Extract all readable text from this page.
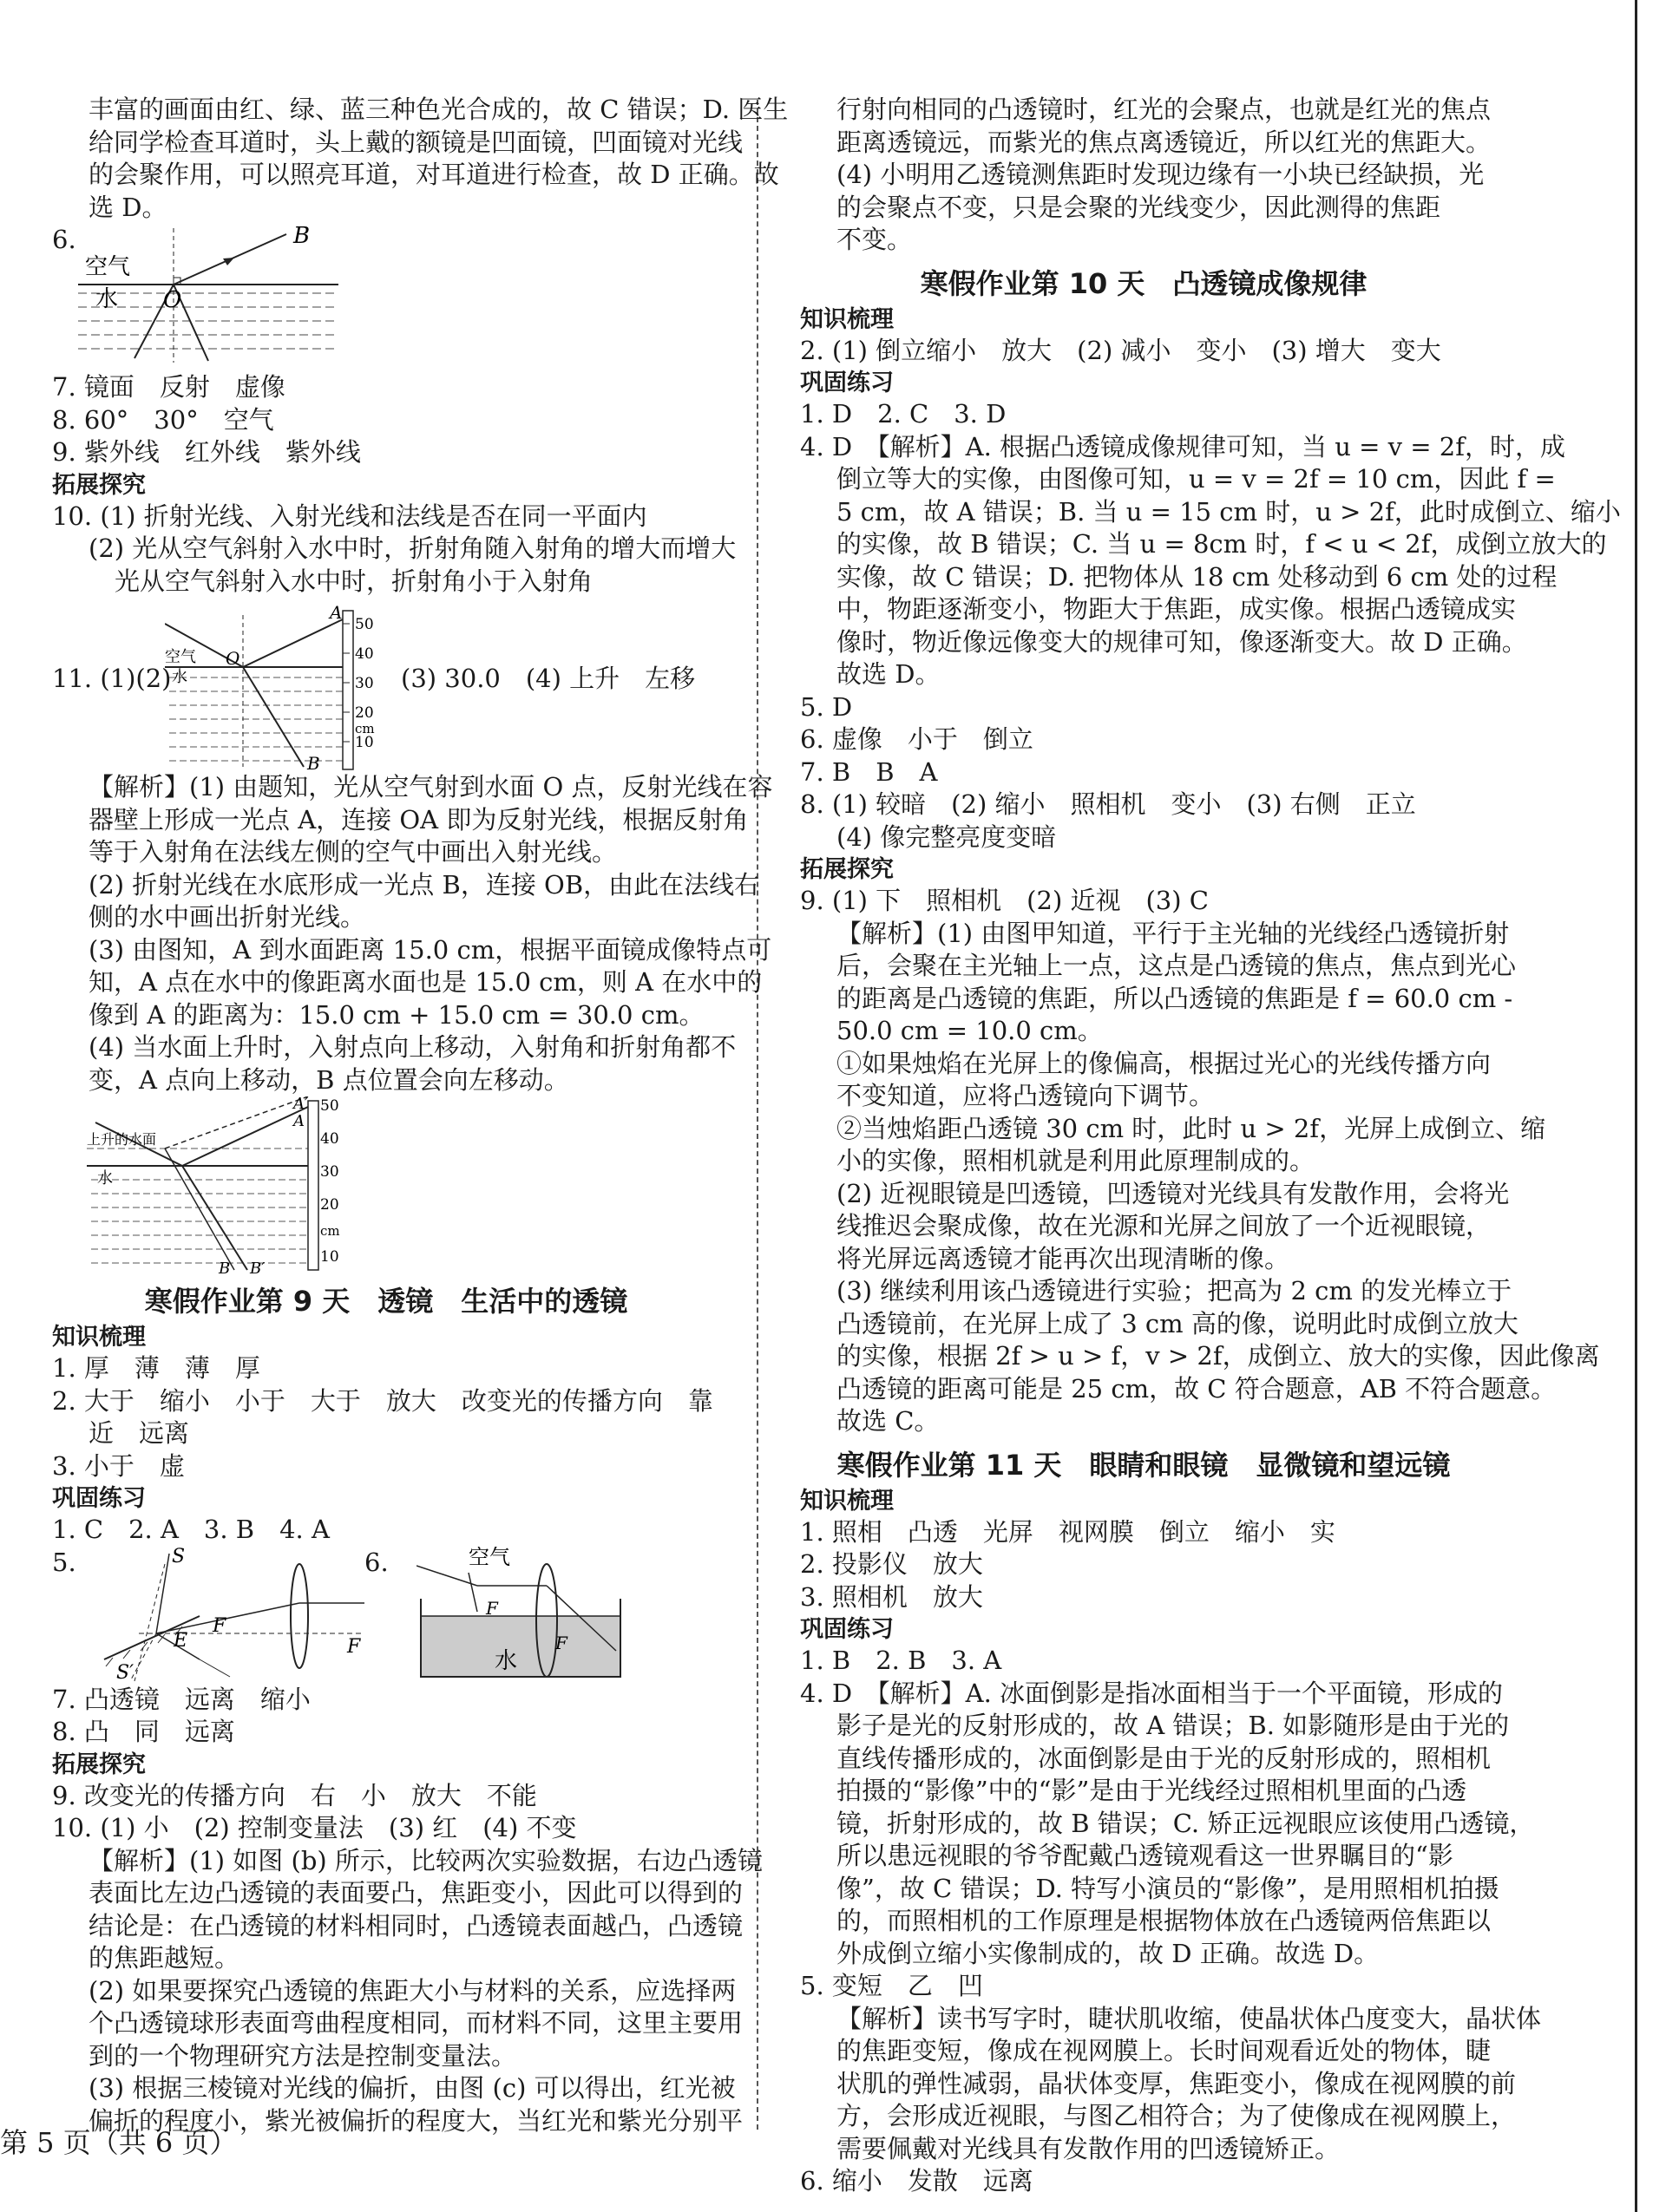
丰富的画面由红、绿、蓝三种色光合成的，故 C 错误；D. 医生
给同学检查耳道时，头上戴的额镜是凹面镜，凹面镜对光线
的会聚作用，可以照亮耳道，对耳道进行检查，故 D 正确。故
选 D。
6.	B
空气
水 O
7. 镜面　反射　虚像
8. 60°　30°　空气
9. 紫外线　红外线　紫外线
拓展探究
10. (1) 折射光线、入射光线和法线是否在同一平面内
(2) 光从空气斜射入水中时，折射角随入射角的增大而增大
光从空气斜射入水中时，折射角小于入射角
11. (1)(2)
50
40
30
20
10
cm
A
空气
水
O
B
(3) 30.0　(4) 上升　左移
【解析】(1) 由题知，光从空气射到水面 O 点，反射光线在容
器壁上形成一光点 A，连接 OA 即为反射光线，根据反射角
等于入射角在法线左侧的空气中画出入射光线。
(2) 折射光线在水底形成一光点 B，连接 OB，由此在法线右
侧的水中画出折射光线。
(3) 由图知，A 到水面距离 15.0 cm，根据平面镜成像特点可
知，A 点在水中的像距离水面也是 15.0 cm，则 A 在水中的
像到 A 的距离为：15.0 cm + 15.0 cm = 30.0 cm。
(4) 当水面上升时，入射点向上移动，入射角和折射角都不
变，A 点向上移动，B 点位置会向左移动。
50
40
30
20
10
cm
上升的水面
水
A′
A
B B′
寒假作业第 9 天　透镜　生活中的透镜
知识梳理
1. 厚　薄　薄　厚
2. 大于　缩小　小于　大于　放大　改变光的传播方向　靠
近　远离
3. 小于　虚
巩固练习
1. C　2. A　3. B　4. A
5.	S
S′
E
F
F
6.	空气
F
F
水
7. 凸透镜　远离　缩小
8. 凸　同　远离
拓展探究
9. 改变光的传播方向　右　小　放大　不能
10. (1) 小　(2) 控制变量法　(3) 红　(4) 不变
【解析】(1) 如图 (b) 所示，比较两次实验数据，右边凸透镜
表面比左边凸透镜的表面要凸，焦距变小，因此可以得到的
结论是：在凸透镜的材料相同时，凸透镜表面越凸，凸透镜
的焦距越短。
(2) 如果要探究凸透镜的焦距大小与材料的关系，应选择两
个凸透镜球形表面弯曲程度相同，而材料不同，这里主要用
到的一个物理研究方法是控制变量法。
(3) 根据三棱镜对光线的偏折，由图 (c) 可以得出，红光被
偏折的程度小，紫光被偏折的程度大，当红光和紫光分别平
行射向相同的凸透镜时，红光的会聚点，也就是红光的焦点
距离透镜远，而紫光的焦点离透镜近，所以红光的焦距大。
(4) 小明用乙透镜测焦距时发现边缘有一小块已经缺损，光
的会聚点不变，只是会聚的光线变少，因此测得的焦距
不变。
寒假作业第 10 天　凸透镜成像规律
知识梳理
2. (1) 倒立缩小　放大　(2) 减小　变小　(3) 增大　变大
巩固练习
1. D　2. C　3. D
4. D　【解析】A. 根据凸透镜成像规律可知，当 u = v = 2f，时，成
倒立等大的实像，由图像可知，u = v = 2f = 10 cm，因此 f =
5 cm，故 A 错误；B. 当 u = 15 cm 时，u > 2f，此时成倒立、缩小
的实像，故 B 错误；C. 当 u = 8cm 时，f < u < 2f，成倒立放大的
实像，故 C 错误；D. 把物体从 18 cm 处移动到 6 cm 处的过程
中，物距逐渐变小，物距大于焦距，成实像。根据凸透镜成实
像时，物近像远像变大的规律可知，像逐渐变大。故 D 正确。
故选 D。
5. D
6. 虚像　小于　倒立
7. B　B　A
8. (1) 较暗　(2) 缩小　照相机　变小　(3) 右侧　正立
(4) 像完整亮度变暗
拓展探究
9. (1) 下　照相机　(2) 近视　(3) C
【解析】(1) 由图甲知道，平行于主光轴的光线经凸透镜折射
后，会聚在主光轴上一点，这点是凸透镜的焦点，焦点到光心
的距离是凸透镜的焦距，所以凸透镜的焦距是 f = 60.0 cm -
50.0 cm = 10.0 cm。
①如果烛焰在光屏上的像偏高，根据过光心的光线传播方向
不变知道，应将凸透镜向下调节。
②当烛焰距凸透镜 30 cm 时，此时 u > 2f，光屏上成倒立、缩
小的实像，照相机就是利用此原理制成的。
(2) 近视眼镜是凹透镜，凹透镜对光线具有发散作用，会将光
线推迟会聚成像，故在光源和光屏之间放了一个近视眼镜，
将光屏远离透镜才能再次出现清晰的像。
(3) 继续利用该凸透镜进行实验；把高为 2 cm 的发光棒立于
凸透镜前，在光屏上成了 3 cm 高的像，说明此时成倒立放大
的实像，根据 2f > u > f，v > 2f，成倒立、放大的实像，因此像离
凸透镜的距离可能是 25 cm，故 C 符合题意，AB 不符合题意。
故选 C。
寒假作业第 11 天　眼睛和眼镜　显微镜和望远镜
知识梳理
1. 照相　凸透　光屏　视网膜　倒立　缩小　实
2. 投影仪　放大
3. 照相机　放大
巩固练习
1. B　2. B　3. A
4. D　【解析】A. 冰面倒影是指冰面相当于一个平面镜，形成的
影子是光的反射形成的，故 A 错误；B. 如影随形是由于光的
直线传播形成的，冰面倒影是由于光的反射形成的，照相机
拍摄的“影像”中的“影”是由于光线经过照相机里面的凸透
镜，折射形成的，故 B 错误；C. 矫正远视眼应该使用凸透镜，
所以患远视眼的爷爷配戴凸透镜观看这一世界瞩目的“影
像”，故 C 错误；D. 特写小演员的“影像”，是用照相机拍摄
的，而照相机的工作原理是根据物体放在凸透镜两倍焦距以
外成倒立缩小实像制成的，故 D 正确。故选 D。
5. 变短　乙　凹
【解析】读书写字时，睫状肌收缩，使晶状体凸度变大，晶状体
的焦距变短，像成在视网膜上。长时间观看近处的物体，睫
状肌的弹性减弱，晶状体变厚，焦距变小，像成在视网膜的前
方，会形成近视眼，与图乙相符合；为了使像成在视网膜上，
需要佩戴对光线具有发散作用的凹透镜矫正。
6. 缩小　发散　远离
第 5 页（共 6 页）
